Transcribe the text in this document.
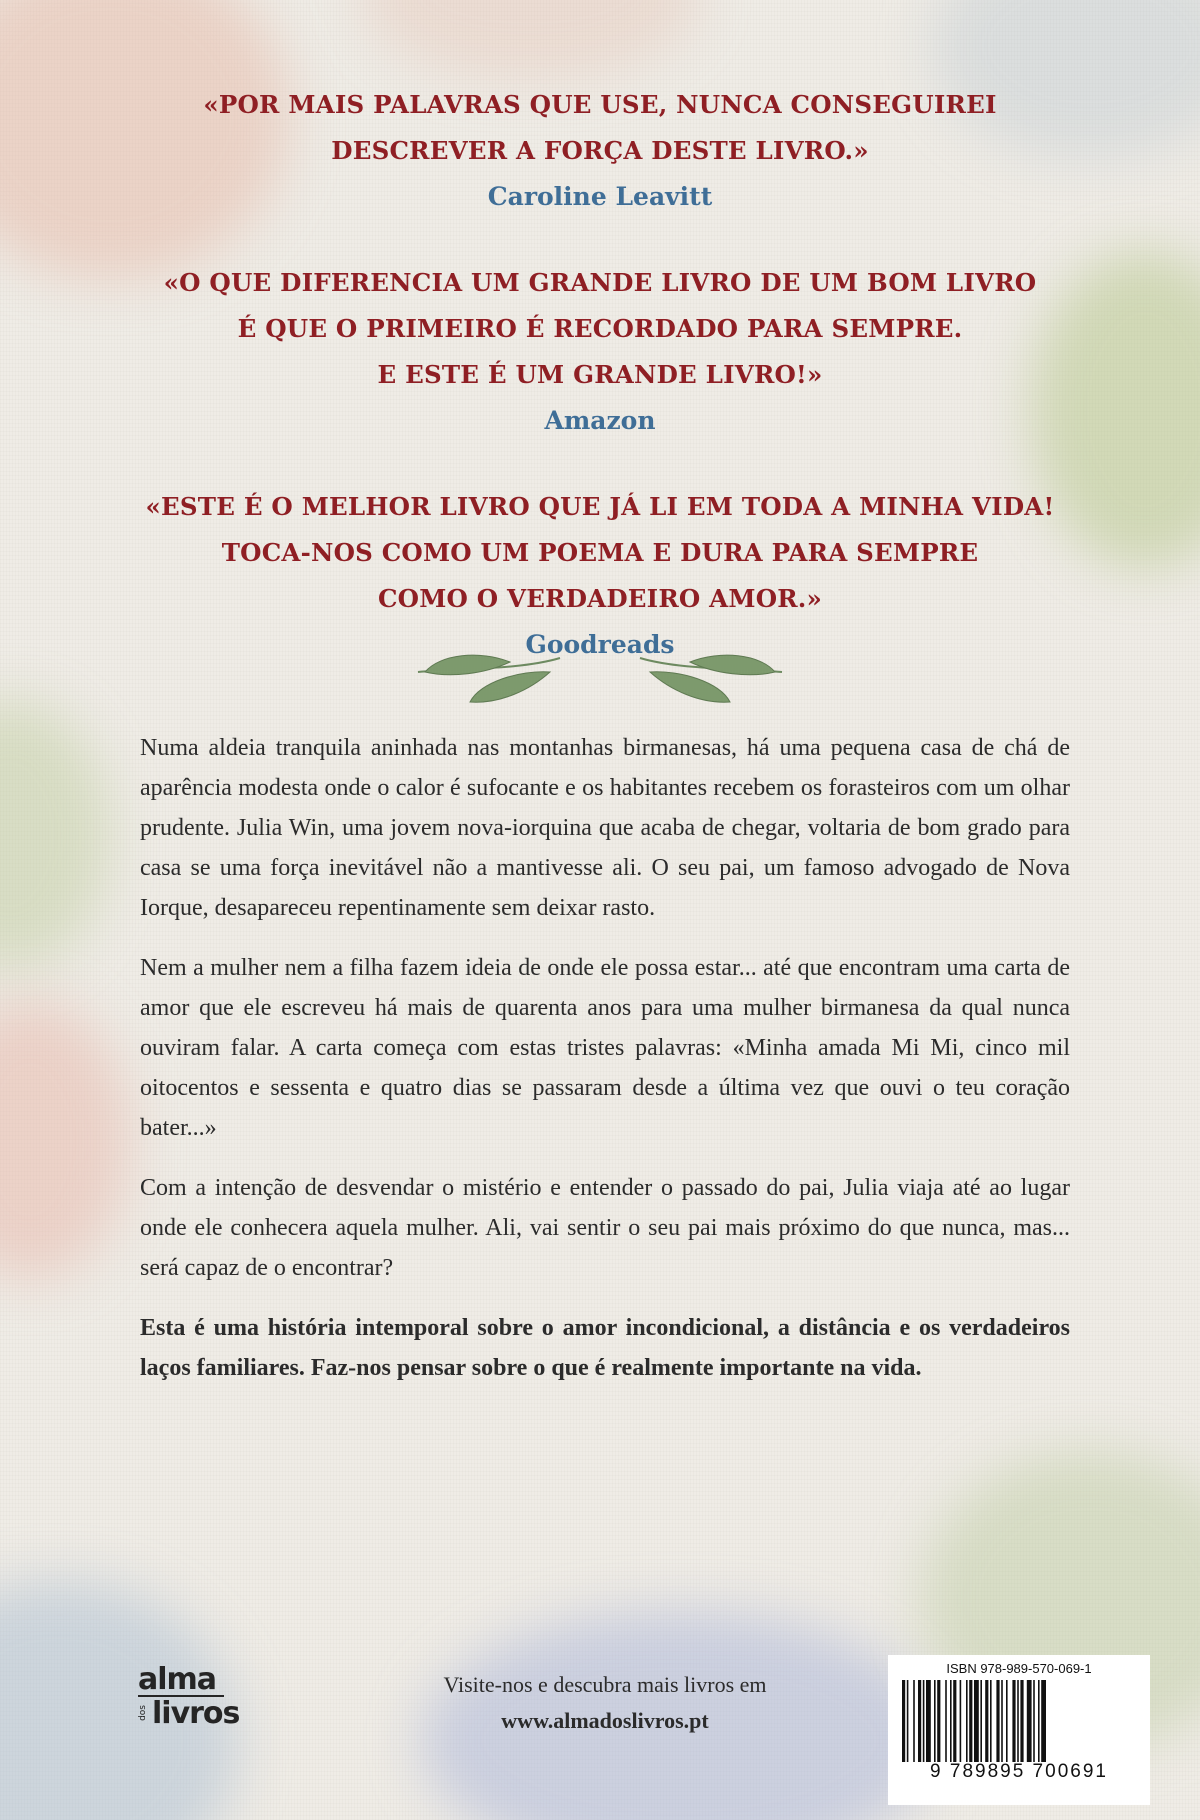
«POR MAIS PALAVRAS QUE USE, NUNCA CONSEGUIREI
DESCREVER A FORÇA DESTE LIVRO.»
Caroline Leavitt
«O QUE DIFERENCIA UM GRANDE LIVRO DE UM BOM LIVRO
É QUE O PRIMEIRO É RECORDADO PARA SEMPRE.
E ESTE É UM GRANDE LIVRO!»
Amazon
«ESTE É O MELHOR LIVRO QUE JÁ LI EM TODA A MINHA VIDA!
TOCA-NOS COMO UM POEMA E DURA PARA SEMPRE
COMO O VERDADEIRO AMOR.»
Goodreads

Numa aldeia tranquila aninhada nas montanhas birmanesas, há uma pequena casa de chá de aparência modesta onde o calor é sufocante e os habitantes recebem os forasteiros com um olhar prudente. Julia Win, uma jovem nova-iorquina que acaba de chegar, voltaria de bom grado para casa se uma força inevitável não a mantivesse ali. O seu pai, um famoso advogado de Nova Iorque, desapareceu repentinamente sem deixar rasto.

Nem a mulher nem a filha fazem ideia de onde ele possa estar... até que encontram uma carta de amor que ele escreveu há mais de quarenta anos para uma mulher birmanesa da qual nunca ouviram falar. A carta começa com estas tristes palavras: «Minha amada Mi Mi, cinco mil oitocentos e sessenta e quatro dias se passaram desde a última vez que ouvi o teu coração bater...»

Com a intenção de desvendar o mistério e entender o passado do pai, Julia viaja até ao lugar onde ele conhecera aquela mulher. Ali, vai sentir o seu pai mais próximo do que nunca, mas... será capaz de o encontrar?

Esta é uma história intemporal sobre o amor incondicional, a distância e os verdadeiros laços familiares. Faz-nos pensar sobre o que é realmente importante na vida.

alma
dos livros
Visite-nos e descubra mais livros em
www.almadoslivros.pt
ISBN 978-989-570-069-1
9 789895 700691
